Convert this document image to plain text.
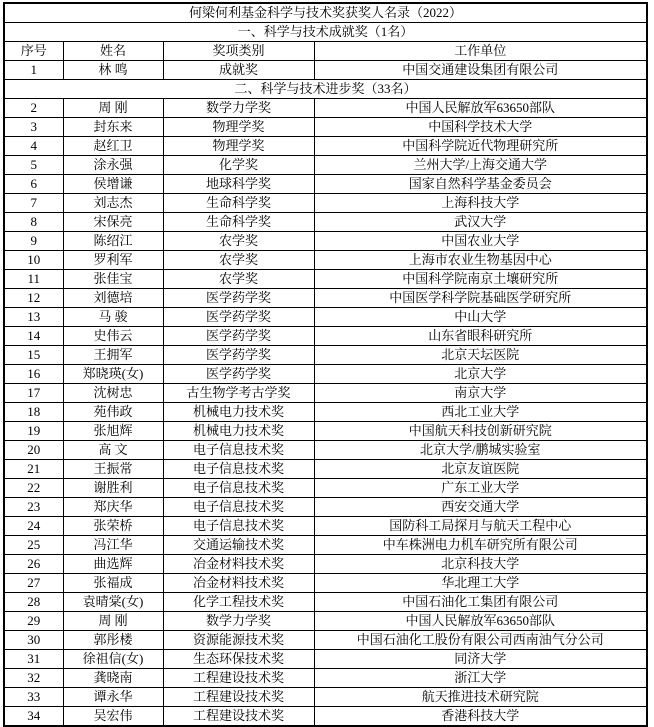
何梁何利基金科学与技术奖获奖人名录（2022）			
一、科学与技术成就奖（1名）			
序号	姓名	奖项类别	工作单位
1	林 鸣	成就奖	中国交通建设集团有限公司
二、科学与技术进步奖（33名）			
2	周 刚	数学力学奖	中国人民解放军63650部队
3	封东来	物理学奖	中国科学技术大学
4	赵红卫	物理学奖	中国科学院近代物理研究所
5	涂永强	化学奖	兰州大学/上海交通大学
6	侯增谦	地球科学奖	国家自然科学基金委员会
7	刘志杰	生命科学奖	上海科技大学
8	宋保亮	生命科学奖	武汉大学
9	陈绍江	农学奖	中国农业大学
10	罗利军	农学奖	上海市农业生物基因中心
11	张佳宝	农学奖	中国科学院南京土壤研究所
12	刘德培	医学药学奖	中国医学科学院基础医学研究所
13	马 骏	医学药学奖	中山大学
14	史伟云	医学药学奖	山东省眼科研究所
15	王拥军	医学药学奖	北京天坛医院
16	郑晓瑛(女)	医学药学奖	北京大学
17	沈树忠	古生物学考古学奖	南京大学
18	苑伟政	机械电力技术奖	西北工业大学
19	张旭辉	机械电力技术奖	中国航天科技创新研究院
20	高 文	电子信息技术奖	北京大学/鹏城实验室
21	王振常	电子信息技术奖	北京友谊医院
22	谢胜利	电子信息技术奖	广东工业大学
23	郑庆华	电子信息技术奖	西安交通大学
24	张荣桥	电子信息技术奖	国防科工局探月与航天工程中心
25	冯江华	交通运输技术奖	中车株洲电力机车研究所有限公司
26	曲选辉	冶金材料技术奖	北京科技大学
27	张福成	冶金材料技术奖	华北理工大学
28	袁晴棠(女)	化学工程技术奖	中国石油化工集团有限公司
29	周 刚	数学力学奖	中国人民解放军63650部队
30	郭彤楼	资源能源技术奖	中国石油化工股份有限公司西南油气分公司
31	徐祖信(女)	生态环保技术奖	同济大学
32	龚晓南	工程建设技术奖	浙江大学
33	谭永华	工程建设技术奖	航天推进技术研究院
34	吴宏伟	工程建设技术奖	香港科技大学
